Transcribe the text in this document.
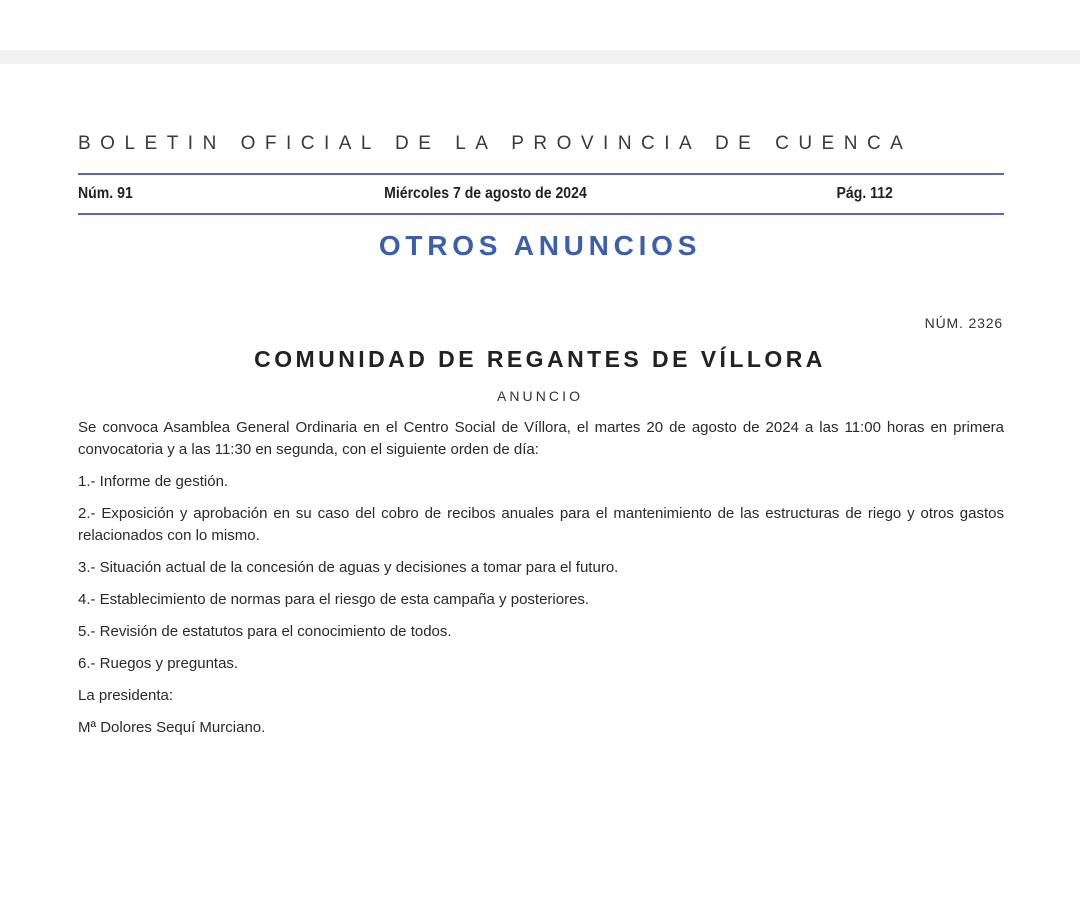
BOLETIN OFICIAL DE LA PROVINCIA DE CUENCA
Núm. 91	Miércoles 7 de agosto de 2024	Pág. 112
OTROS ANUNCIOS
NÚM. 2326
COMUNIDAD DE REGANTES DE VÍLLORA
ANUNCIO

Se convoca Asamblea General Ordinaria en el Centro Social de Víllora, el martes 20 de agosto de 2024 a las 11:00 horas en primera convocatoria y a las 11:30 en segunda, con el siguiente orden de día:

1.- Informe de gestión.

2.- Exposición y aprobación en su caso del cobro de recibos anuales para el mantenimiento de las estructuras de riego y otros gastos relacionados con lo mismo.

3.- Situación actual de la concesión de aguas y decisiones a tomar para el futuro.

4.- Establecimiento de normas para el riesgo de esta campaña y posteriores.

5.- Revisión de estatutos para el conocimiento de todos.

6.- Ruegos y preguntas.

La presidenta:

Mª Dolores Sequí Murciano.
